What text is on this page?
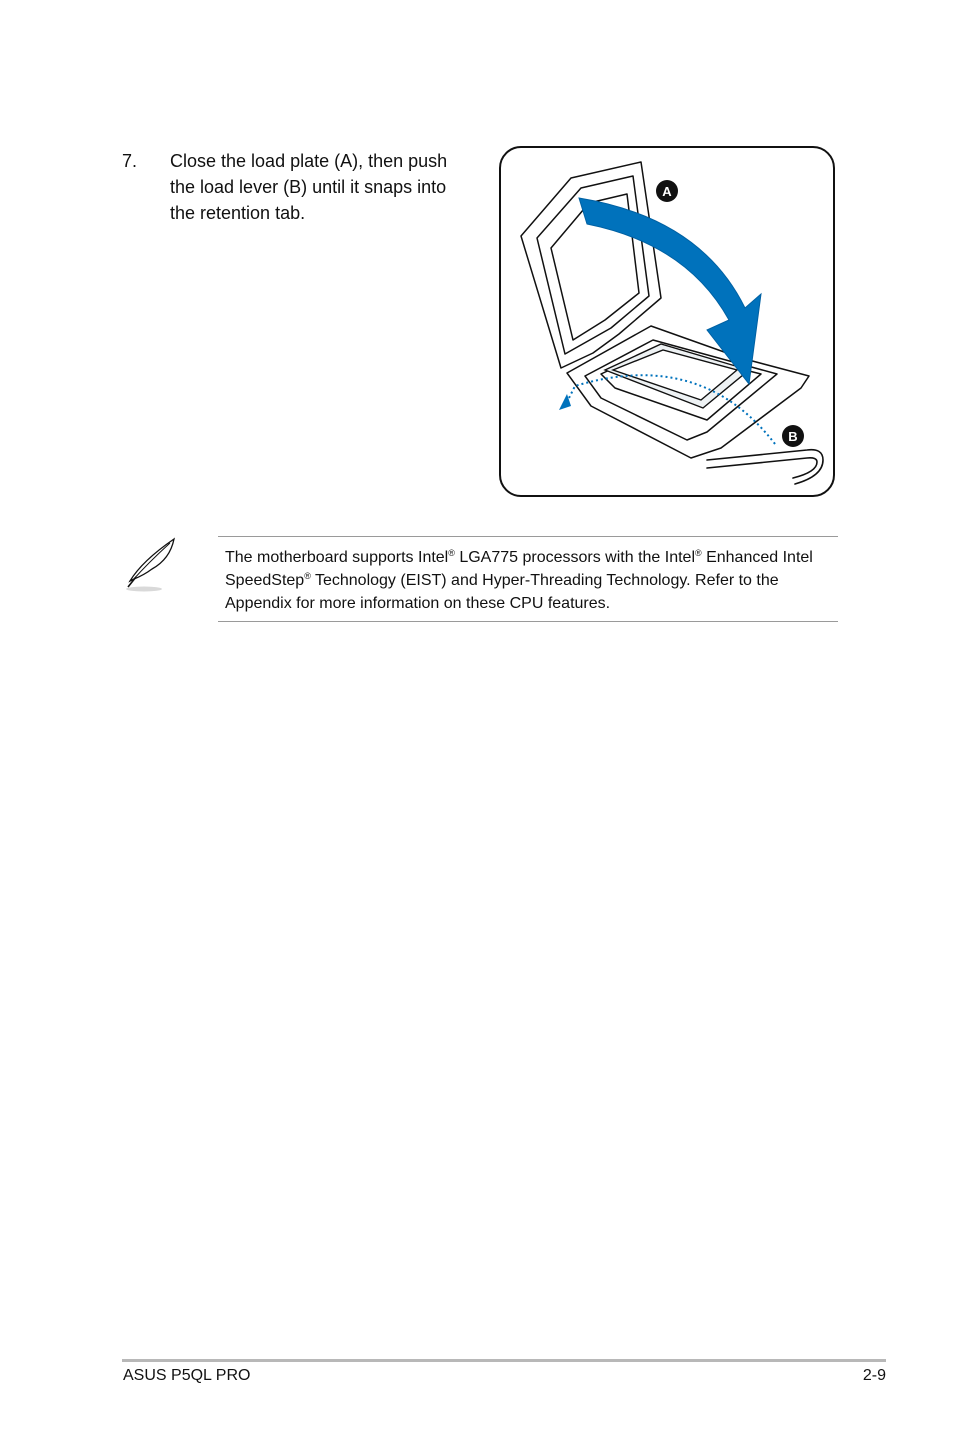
7. Close the load plate (A), then push the load lever (B) until it snaps into the retention tab.
A
B
The motherboard supports Intel® LGA775 processors with the Intel® Enhanced Intel SpeedStep® Technology (EIST) and Hyper-Threading Technology. Refer to the Appendix for more information on these CPU features.
ASUS P5QL PRO	2-9
